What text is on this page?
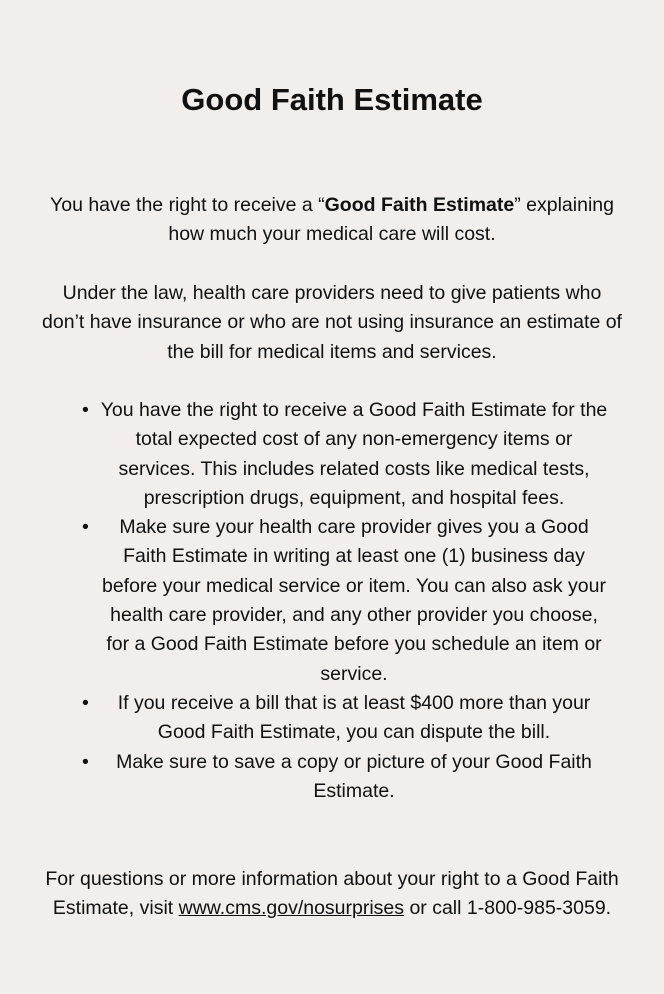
Good Faith Estimate

You have the right to receive a “Good Faith Estimate” explaining how much your medical care will cost.

Under the law, health care providers need to give patients who don’t have insurance or who are not using insurance an estimate of the bill for medical items and services.

• You have the right to receive a Good Faith Estimate for the total expected cost of any non-emergency items or services. This includes related costs like medical tests, prescription drugs, equipment, and hospital fees.
• Make sure your health care provider gives you a Good Faith Estimate in writing at least one (1) business day before your medical service or item. You can also ask your health care provider, and any other provider you choose, for a Good Faith Estimate before you schedule an item or service.
• If you receive a bill that is at least $400 more than your Good Faith Estimate, you can dispute the bill.
• Make sure to save a copy or picture of your Good Faith Estimate.

For questions or more information about your right to a Good Faith Estimate, visit www.cms.gov/nosurprises or call 1-800-985-3059.
